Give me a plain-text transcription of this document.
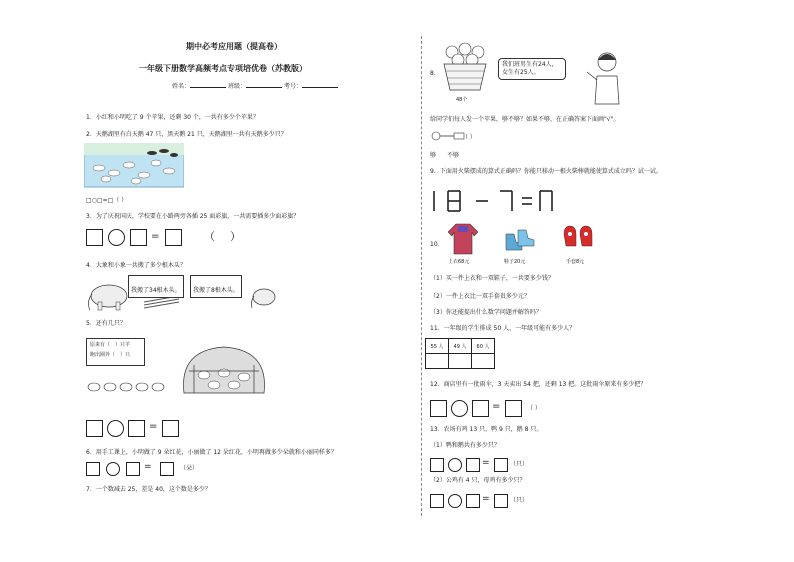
期中必考应用题（提高卷）
一年级下册数学高频考点专项培优卷（苏教版）
姓名：	班级：	考号：
1．小红和小明吃了 9 个苹果，还剩 30 个，一共有多少个苹果？
2．天鹅湖里有白天鹅 47 只，黑天鹅 21 只，天鹅湖里一共有天鹅多少只？
□○□=□（ ）
3．为了庆祝国庆，学校要在小路两旁各插 25 面彩旗，一共需要插多少面彩旗？
=	（ ）
4．大象和小象一共搬了多少根木头？
我搬了34根木头。	我搬了8根木头。
5．还有几只？
原来有（　）只羊
跑出圈外（　）只
=
6．用手工课上，小明做了 9 朵红花，小丽做了 12 朵红花，小明再做多少朵就和小丽同样多？
=	（朵）
7．一个数减去 25，差是 40，这个数是多少？
8．
48个
我们班男生有24人，女生有25人。
给同学们每人发一个苹果，够不够？如果不够，在正确答案下面画"√"。
（ ）
够 不够
9．下面用火柴摆成的算式正确吗？你能只移动一根火柴棒就能使算式成立吗？试一试。
10．
上衣68元	鞋子20元	手套8元
（1）买一件上衣和一双鞋子，一共要多少钱？
（2）一件上衣比一双手套贵多少元？
（3）你还能提出什么数学问题并解答吗？
11．一年级的学生排成 50 人，一年级可能有多少人？
55 人	49 人	60 人

12．商店里有一批雨伞，3 天卖出 54 把，还剩 13 把。这批雨伞原来有多少把？
=	（ ）
13．农场有鸡 13 只，鸭 9 只，鹅 8 只。
（1）鸭和鹅共有多少只？
=	（只）
（2）公鸡有 4 只，母鸡有多少只？
=	（只）
